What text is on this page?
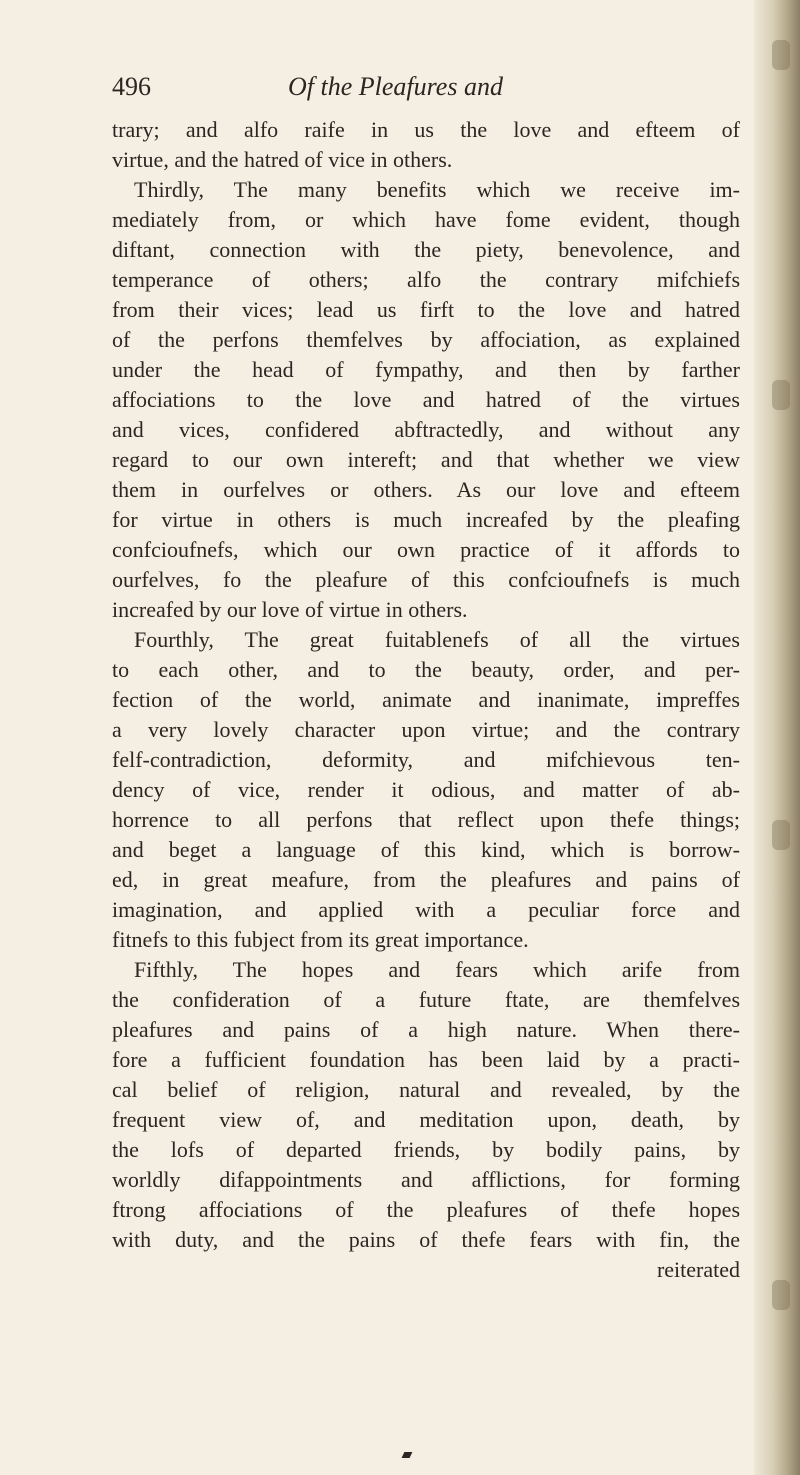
496	Of the Pleafures and
trary; and alfo raife in us the love and efteem of
virtue, and the hatred of vice in others.
Thirdly, The many benefits which we receive im-
mediately from, or which have fome evident, though
diftant, connection with the piety, benevolence, and
temperance of others; alfo the contrary mifchiefs
from their vices; lead us firft to the love and hatred
of the perfons themfelves by affociation, as explained
under the head of fympathy, and then by farther
affociations to the love and hatred of the virtues
and vices, confidered abftractedly, and without any
regard to our own intereft; and that whether we view
them in ourfelves or others. As our love and efteem
for virtue in others is much increafed by the pleafing
confcioufnefs, which our own practice of it affords to
ourfelves, fo the pleafure of this confcioufnefs is much
increafed by our love of virtue in others.
Fourthly, The great fuitablenefs of all the virtues
to each other, and to the beauty, order, and per-
fection of the world, animate and inanimate, impreffes
a very lovely character upon virtue; and the contrary
felf-contradiction, deformity, and mifchievous ten-
dency of vice, render it odious, and matter of ab-
horrence to all perfons that reflect upon thefe things;
and beget a language of this kind, which is borrow-
ed, in great meafure, from the pleafures and pains of
imagination, and applied with a peculiar force and
fitnefs to this fubject from its great importance.
Fifthly, The hopes and fears which arife from
the confideration of a future ftate, are themfelves
pleafures and pains of a high nature. When there-
fore a fufficient foundation has been laid by a practi-
cal belief of religion, natural and revealed, by the
frequent view of, and meditation upon, death, by
the lofs of departed friends, by bodily pains, by
worldly difappointments and afflictions, for forming
ftrong affociations of the pleafures of thefe hopes
with duty, and the pains of thefe fears with fin, the
reiterated
